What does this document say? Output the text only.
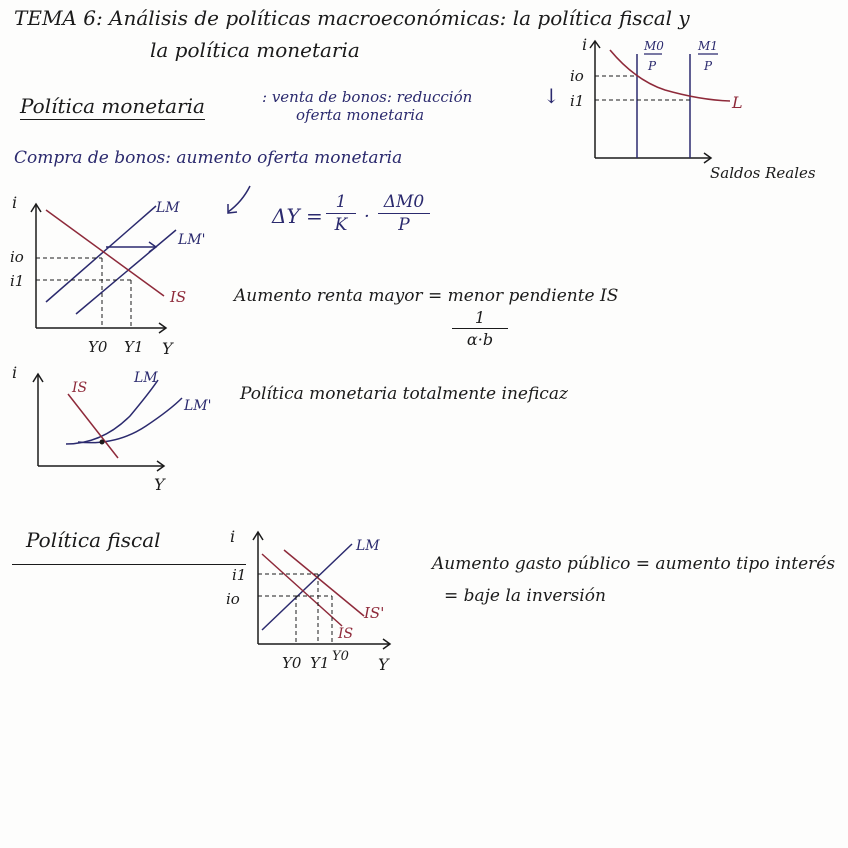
TEMA 6: Análisis de políticas macroeconómicas: la política fiscal y
la política monetaria
Política monetaria	: venta de bonos: reducción
oferta monetaria
↓
i
io
i1
M0
P
M1
P
L
Saldos Reales
Compra de bonos: aumento oferta monetaria
i
io
i1
LM
LM'
IS
Y0 Y1 Y
ΔY =
1
K ·
ΔM0
P
Aumento renta mayor = menor pendiente IS
1
α·b
i
IS
LM
LM'
Y
Política monetaria totalmente ineficaz
Política fiscal	i
i1
io
LM
IS'
IS
Y0 Y1 Y0 Y
Aumento gasto público = aumento tipo interés
= baje la inversión
